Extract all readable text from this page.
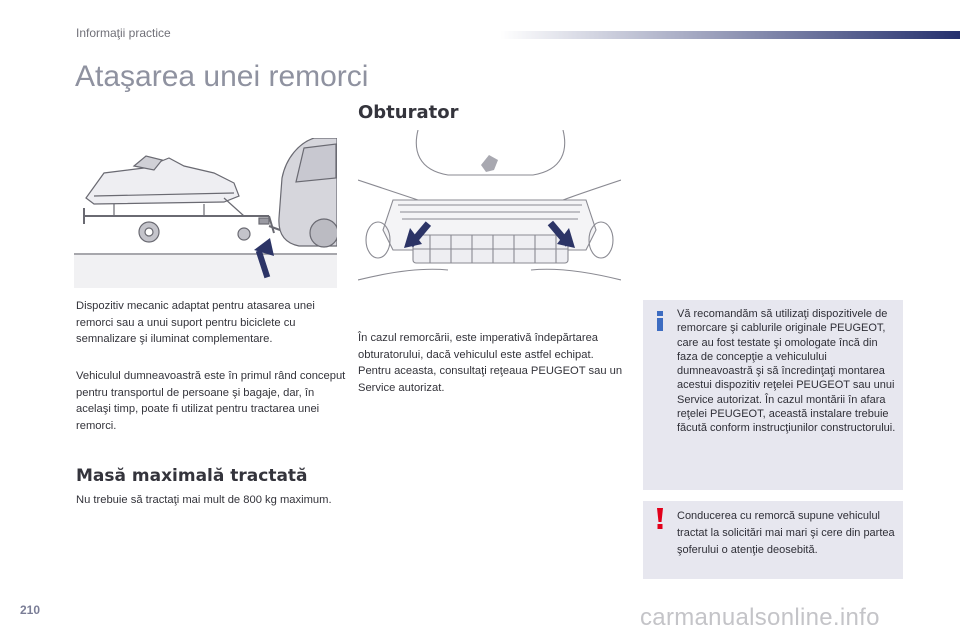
Informaţii practice
Ataşarea unei remorci
Obturator
Dispozitiv mecanic adaptat pentru atasarea unei remorci sau a unui suport pentru biciclete cu semnalizare şi iluminat complementare.
Vehiculul dumneavoastră este în primul rând conceput pentru transportul de persoane şi bagaje, dar, în acelaşi timp, poate fi utilizat pentru tractarea unei remorci.
În cazul remorcării, este imperativă îndepărtarea obturatorului, dacă vehiculul este astfel echipat. Pentru aceasta, consultaţi reţeaua PEUGEOT sau un Service autorizat.
Masă maximală tractată
Nu trebuie să tractaţi mai mult de 800 kg maximum.
Vă recomandăm să utilizaţi dispozitivele de remorcare şi cablurile originale PEUGEOT, care au fost testate şi omologate încă din faza de concepţie a vehiculului dumneavoastră şi să încredinţaţi montarea acestui dispozitiv reţelei PEUGEOT sau unui Service autorizat. În cazul montării în afara reţelei PEUGEOT, această instalare trebuie făcută conform instrucţiunilor constructorului.
Conducerea cu remorcă supune vehiculul tractat la solicitări mai mari şi cere din partea şoferului o atenţie deosebită.
210	carmanualsonline.info
